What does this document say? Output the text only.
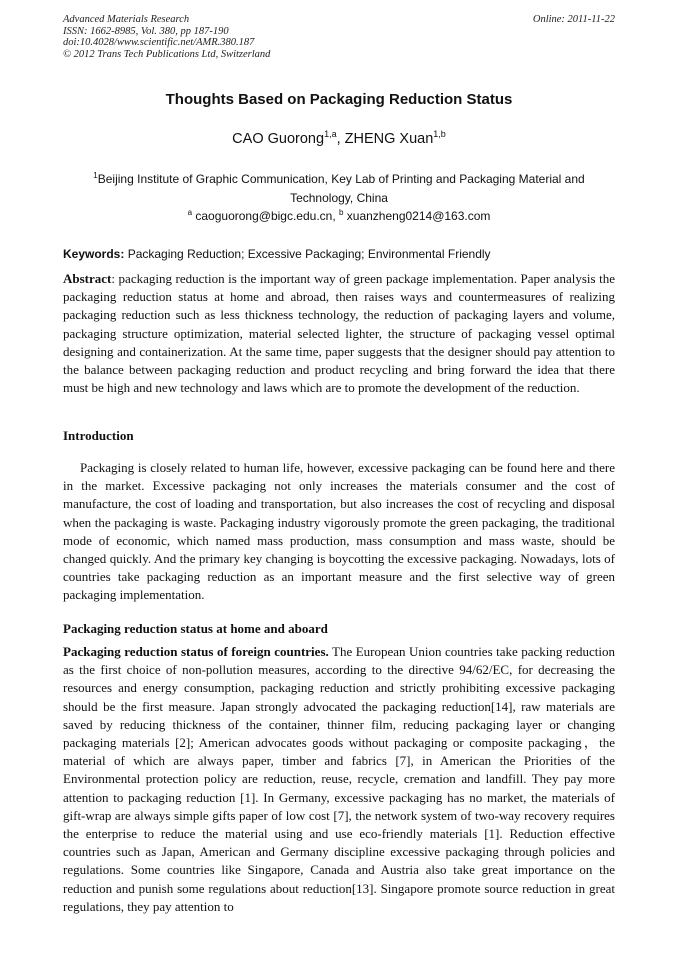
Advanced Materials Research
ISSN: 1662-8985, Vol. 380, pp 187-190
doi:10.4028/www.scientific.net/AMR.380.187
© 2012 Trans Tech Publications Ltd, Switzerland
Online: 2011-11-22
Thoughts Based on Packaging Reduction Status
CAO Guorong$^{1,a}$, ZHENG Xuan$^{1,b}$
$^1$Beijing Institute of Graphic Communication, Key Lab of Printing and Packaging Material and Technology, China
$^a$ caoguorong@bigc.edu.cn, $^b$ xuanzheng0214@163.com
Keywords: Packaging Reduction; Excessive Packaging; Environmental Friendly

Abstract: packaging reduction is the important way of green package implementation. Paper analysis the packaging reduction status at home and abroad, then raises ways and countermeasures of realizing packaging reduction such as less thickness technology, the reduction of packaging layers and volume, packaging structure optimization, material selected lighter, the structure of packaging vessel optimal designing and containerization. At the same time, paper suggests that the designer should pay attention to the balance between packaging reduction and product recycling and bring forward the idea that there must be high and new technology and laws which are to promote the development of the reduction.

Introduction

Packaging is closely related to human life, however, excessive packaging can be found here and there in the market. Excessive packaging not only increases the materials consumer and the cost of manufacture, the cost of loading and transportation, but also increases the cost of recycling and disposal when the packaging is waste. Packaging industry vigorously promote the green packaging, the traditional mode of economic, which named mass production, mass consumption and mass waste, should be changed quickly. And the primary key changing is boycotting the excessive packaging. Nowadays, lots of countries take packaging reduction as an important measure and the first selective way of green packaging implementation.

Packaging reduction status at home and aboard

Packaging reduction status of foreign countries. The European Union countries take packing reduction as the first choice of non-pollution measures, according to the directive 94/62/EC, for decreasing the resources and energy consumption, packaging reduction and strictly prohibiting excessive packaging should be the first measure. Japan strongly advocated the packaging reduction[14], raw materials are saved by reducing thickness of the container, thinner film, reducing packaging layer or changing packaging materials [2]; American advocates goods without packaging or composite packaging，the material of which are always paper, timber and fabrics [7], in American the Priorities of the Environmental protection policy are reduction, reuse, recycle, cremation and landfill. They pay more attention to packaging reduction [1]. In Germany, excessive packaging has no market, the materials of gift-wrap are always simple gifts paper of low cost [7], the network system of two-way recovery requires the enterprise to reduce the material using and use eco-friendly materials [1]. Reduction effective countries such as Japan, American and Germany discipline excessive packaging through policies and regulations. Some countries like Singapore, Canada and Austria also take great importance on the reduction and punish some regulations about reduction[13]. Singapore promote source reduction in great regulations, they pay attention to
